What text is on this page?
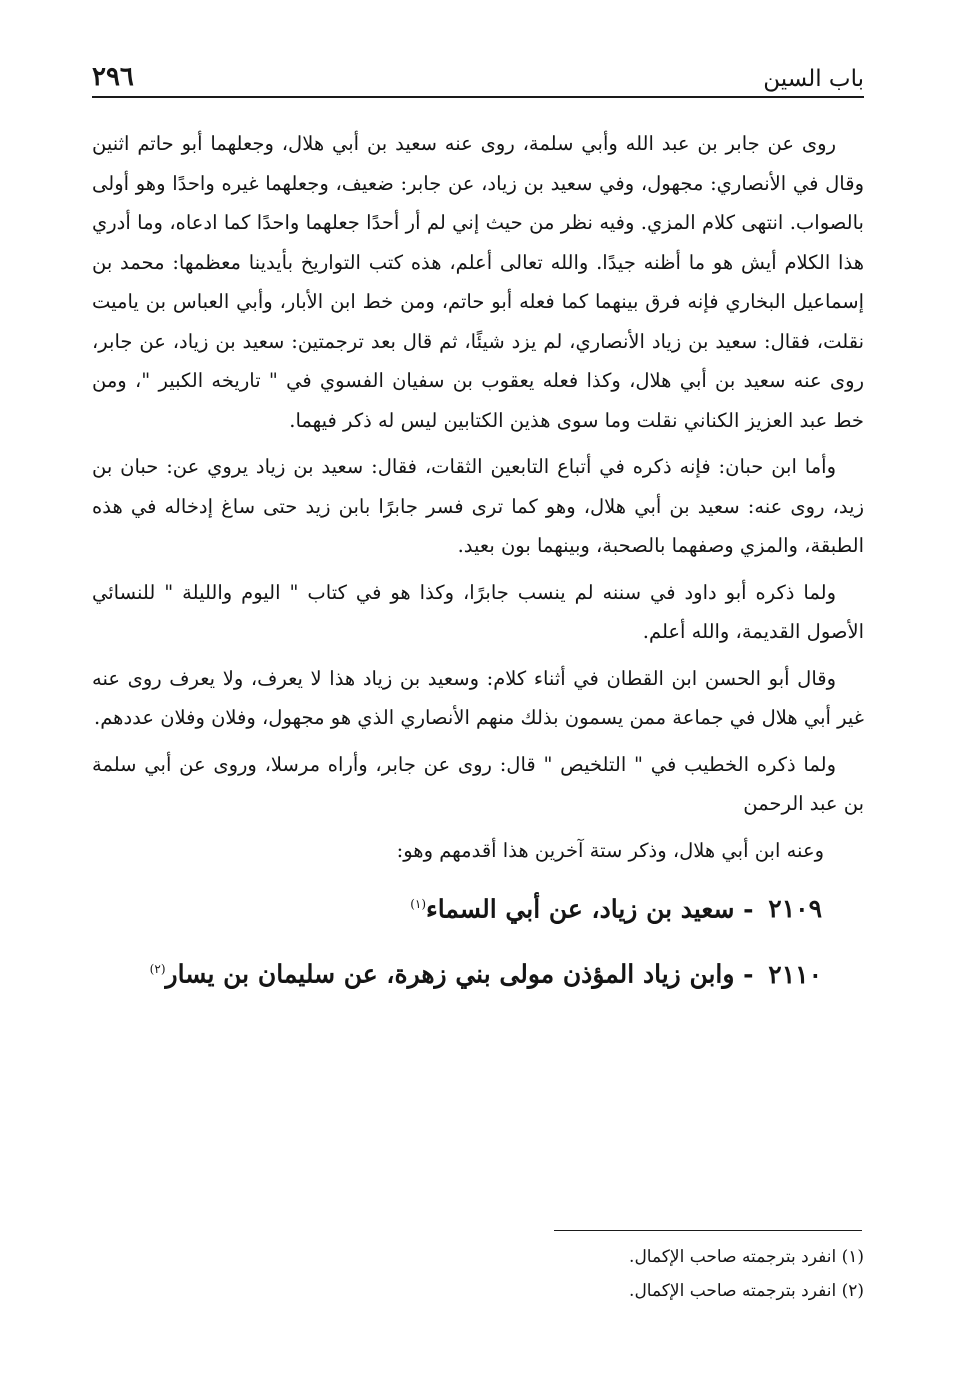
٢٩٦	باب السين

روى عن جابر بن عبد الله وأبي سلمة، روى عنه سعيد بن أبي هلال، وجعلهما أبو حاتم اثنين وقال في الأنصاري: مجهول، وفي سعيد بن زياد، عن جابر: ضعيف، وجعلهما غيره واحدًا وهو أولى بالصواب. انتهى كلام المزي. وفيه نظر من حيث إني لم أر أحدًا جعلهما واحدًا كما ادعاه، وما أدري هذا الكلام أيش هو ما أظنه جيدًا. والله تعالى أعلم، هذه كتب التواريخ بأيدينا معظمها: محمد بن إسماعيل البخاري فإنه فرق بينهما كما فعله أبو حاتم، ومن خط ابن الأبار، وأبي العباس بن ياميت نقلت، فقال: سعيد بن زياد الأنصاري، لم يزد شيئًا، ثم قال بعد ترجمتين: سعيد بن زياد، عن جابر، روى عنه سعيد بن أبي هلال، وكذا فعله يعقوب بن سفيان الفسوي في " تاريخه الكبير "، ومن خط عبد العزيز الكناني نقلت وما سوى هذين الكتابين ليس له ذكر فيهما.

وأما ابن حبان: فإنه ذكره في أتباع التابعين الثقات، فقال: سعيد بن زياد يروي عن: حبان بن زيد، روى عنه: سعيد بن أبي هلال، وهو كما ترى فسر جابرًا بابن زيد حتى ساغ إدخاله في هذه الطبقة، والمزي وصفهما بالصحبة، وبينهما بون بعيد.

ولما ذكره أبو داود في سننه لم ينسب جابرًا، وكذا هو في كتاب " اليوم والليلة " للنسائي الأصول القديمة، والله أعلم.

وقال أبو الحسن ابن القطان في أثناء كلام: وسعيد بن زياد هذا لا يعرف، ولا يعرف روى عنه غير أبي هلال في جماعة ممن يسمون بذلك منهم الأنصاري الذي هو مجهول، وفلان وفلان عددهم.

ولما ذكره الخطيب في " التلخيص " قال: روى عن جابر، وأراه مرسلا، وروى عن أبي سلمة بن عبد الرحمن

وعنه ابن أبي هلال، وذكر ستة آخرين هذا أقدمهم وهو:

٢١٠٩ - سعيد بن زياد، عن أبي السماء$^{(١)}$
٢١١٠ - وابن زياد المؤذن مولى بني زهرة، عن سليمان بن يسار$^{(٢)}$

(١) انفرد بترجمته صاحب الإكمال.

(٢) انفرد بترجمته صاحب الإكمال.
